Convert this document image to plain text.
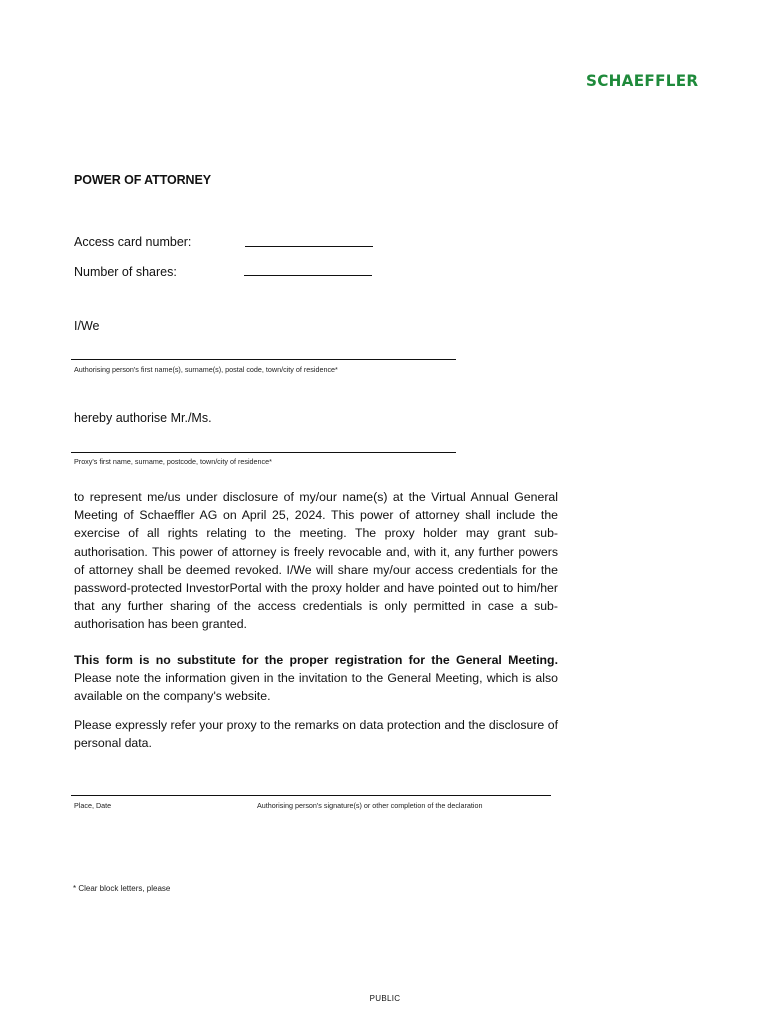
SCHAEFFLER
POWER OF ATTORNEY
Access card number:
Number of shares:
I/We
Authorising person's first name(s), surname(s), postal code, town/city of residence*
hereby authorise Mr./Ms.
Proxy's first name, surname, postcode, town/city of residence*

to represent me/us under disclosure of my/our name(s) at the Virtual Annual General Meeting of Schaeffler AG on April 25, 2024. This power of attorney shall include the exercise of all rights relating to the meeting. The proxy holder may grant sub-authorisation. This power of attorney is freely revocable and, with it, any further powers of attorney shall be deemed revoked. I/We will share my/our access credentials for the password-protected InvestorPortal with the proxy holder and have pointed out to him/her that any further sharing of the access credentials is only permitted in case a sub-authorisation has been granted.

This form is no substitute for the proper registration for the General Meeting. Please note the information given in the invitation to the General Meeting, which is also available on the company's website.

Please expressly refer your proxy to the remarks on data protection and the disclosure of personal data.

Place, Date	Authorising person's signature(s) or other completion of the declaration
* Clear block letters, please
PUBLIC
